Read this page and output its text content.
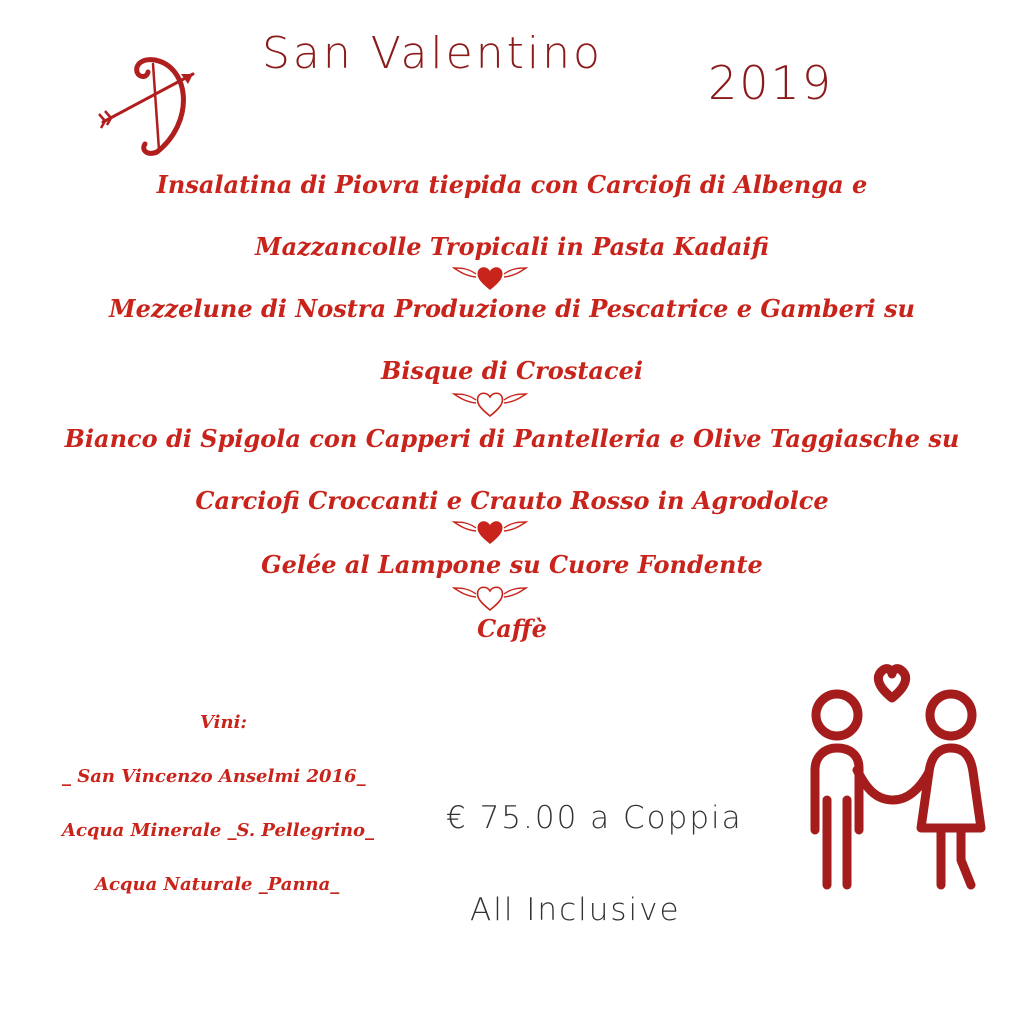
San Valentino
2019
Insalatina di Piovra tiepida con Carciofi di Albenga e
Mazzancolle Tropicali in Pasta Kadaifi
Mezzelune di Nostra Produzione di Pescatrice e Gamberi su
Bisque di Crostacei
Bianco di Spigola con Capperi di Pantelleria e Olive Taggiasche su
Carciofi Croccanti e Crauto Rosso in Agrodolce
Gelée al Lampone su Cuore Fondente
Caffè
Vini:
_ San Vincenzo Anselmi 2016_
Acqua Minerale _S. Pellegrino_
Acqua Naturale _Panna_
€ 75.00 a Coppia
All Inclusive
